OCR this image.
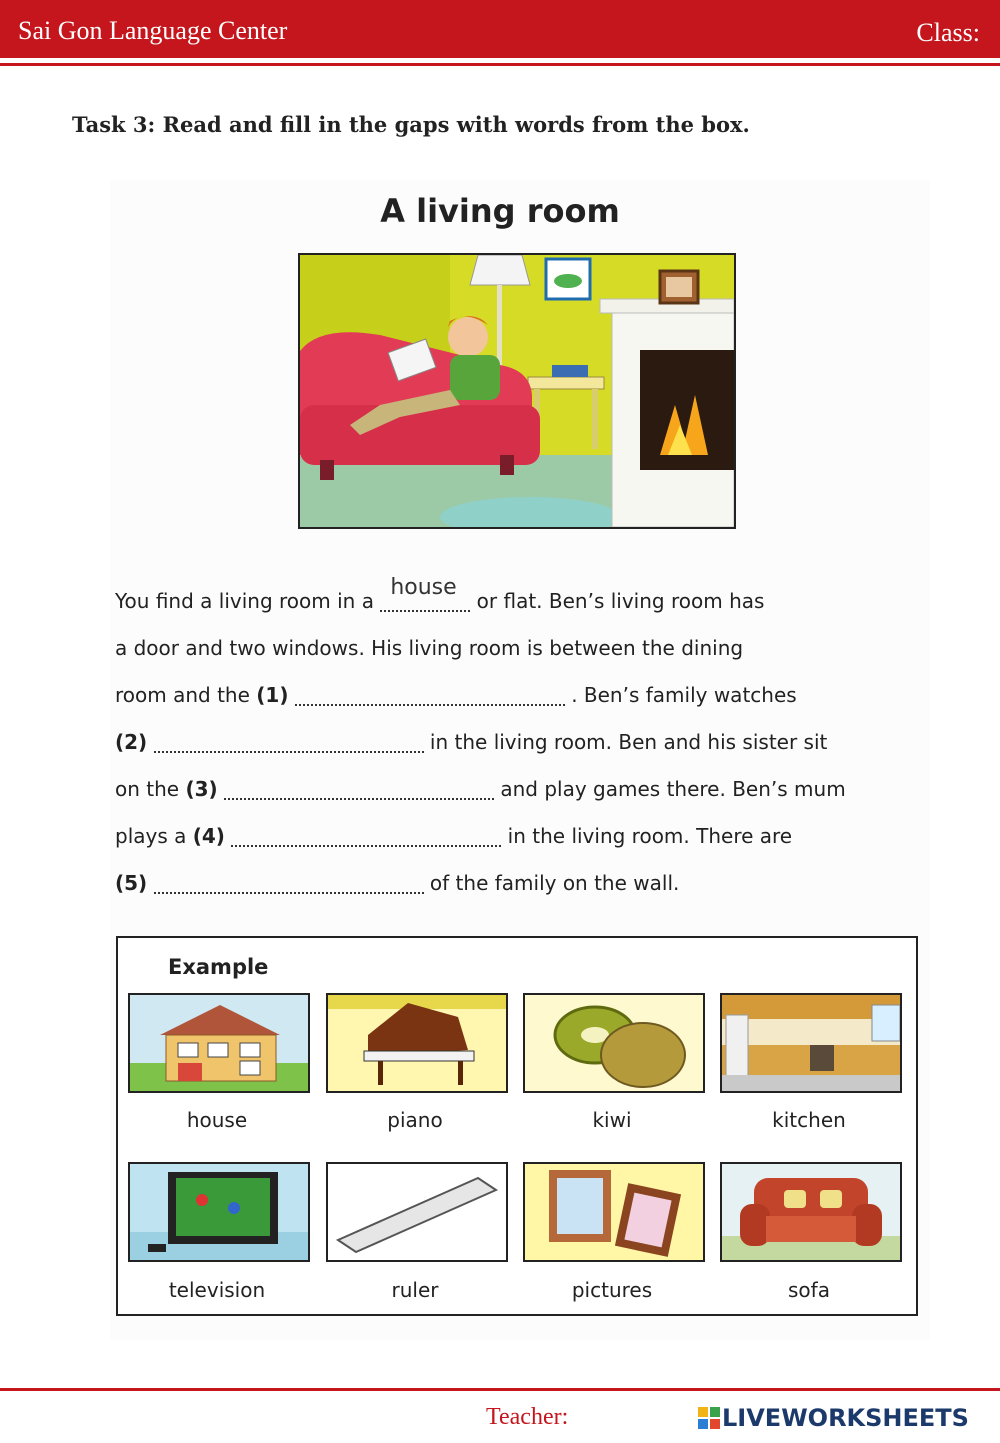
Sai Gon Language Center	Class:
Task 3: Read and fill in the gaps with words from the box.
A living room
You find a living room in a
house
or flat. Ben’s living room has
a door and two windows. His living room is between the dining
room and the (1)	. Ben’s family watches
(2)	in the living room. Ben and his sister sit
on the (3)	and play games there. Ben’s mum
plays a (4)	in the living room. There are
(5)	of the family on the wall.
Example
house	piano	kiwi	kitchen
television	ruler	pictures	sofa
Teacher:	LIVEWORKSHEETS
